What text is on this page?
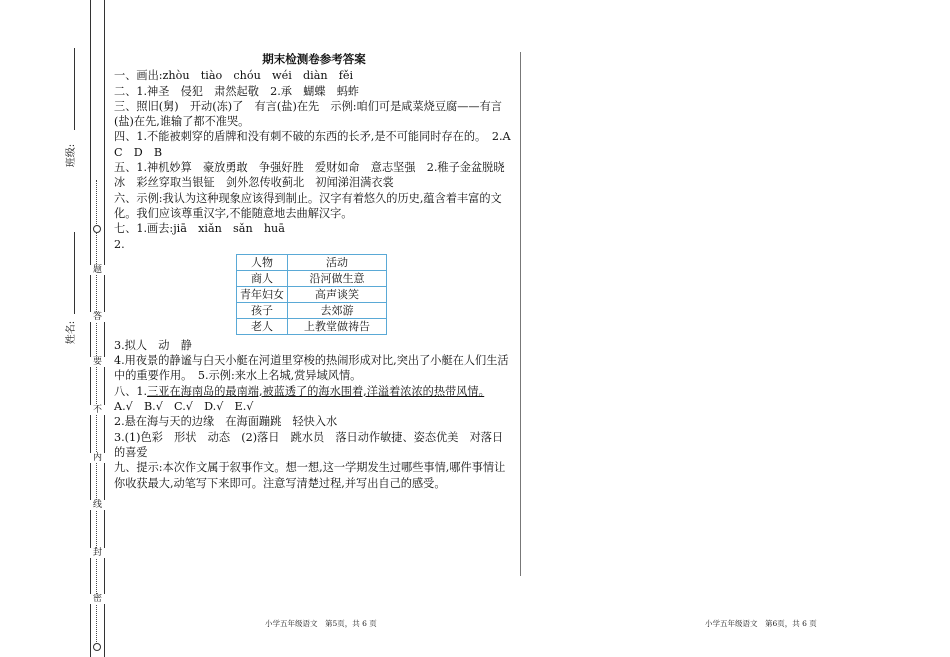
题
答
要
不
内
线
封
密
班级:
姓名:
期末检测卷参考答案
一、画出:zhòu　tiào　chóu　wéi　diàn　fěi
二、1.神圣　侵犯　肃然起敬　2.承　蝴蝶　蚂蚱
三、照旧(舅)　开动(冻)了　有言(盐)在先　示例:咱们可是咸菜烧豆腐——有言(盐)在先,谁输了都不准哭。
四、1.不能被刺穿的盾牌和没有刺不破的东西的长矛,是不可能同时存在的。　2.A　C　D　B
五、1.神机妙算　豪放勇敢　争强好胜　爱财如命　意志坚强　2.稚子金盆脱晓冰　彩丝穿取当银钲　剑外忽传收蓟北　初闻涕泪满衣裳
六、示例:我认为这种现象应该得到制止。汉字有着悠久的历史,蕴含着丰富的文化。我们应该尊重汉字,不能随意地去曲解汉字。
七、1.画去:jiā　xiǎn　sǎn　huā
2.
人物	活动
商人	沿河做生意
青年妇女	高声谈笑
孩子	去郊游
老人	上教堂做祷告
3.拟人　动　静
4.用夜景的静谧与白天小艇在河道里穿梭的热闹形成对比,突出了小艇在人们生活中的重要作用。　5.示例:来水上名城,赏异域风情。
八、1.三亚在海南岛的最南端,被蓝透了的海水围着,洋溢着浓浓的热带风情。　A.√　B.√　C.√　D.√　E.√
2.悬在海与天的边缘　在海面蹦跳　轻快入水
3.(1)色彩　形状　动态　(2)落日　跳水员　落日动作敏捷、姿态优美　对落日的喜爱
九、提示:本次作文属于叙事作文。想一想,这一学期发生过哪些事情,哪件事情让你收获最大,动笔写下来即可。注意写清楚过程,并写出自己的感受。
小学五年级语文　第5页，共 6 页	小学五年级语文　第6页，共 6 页
